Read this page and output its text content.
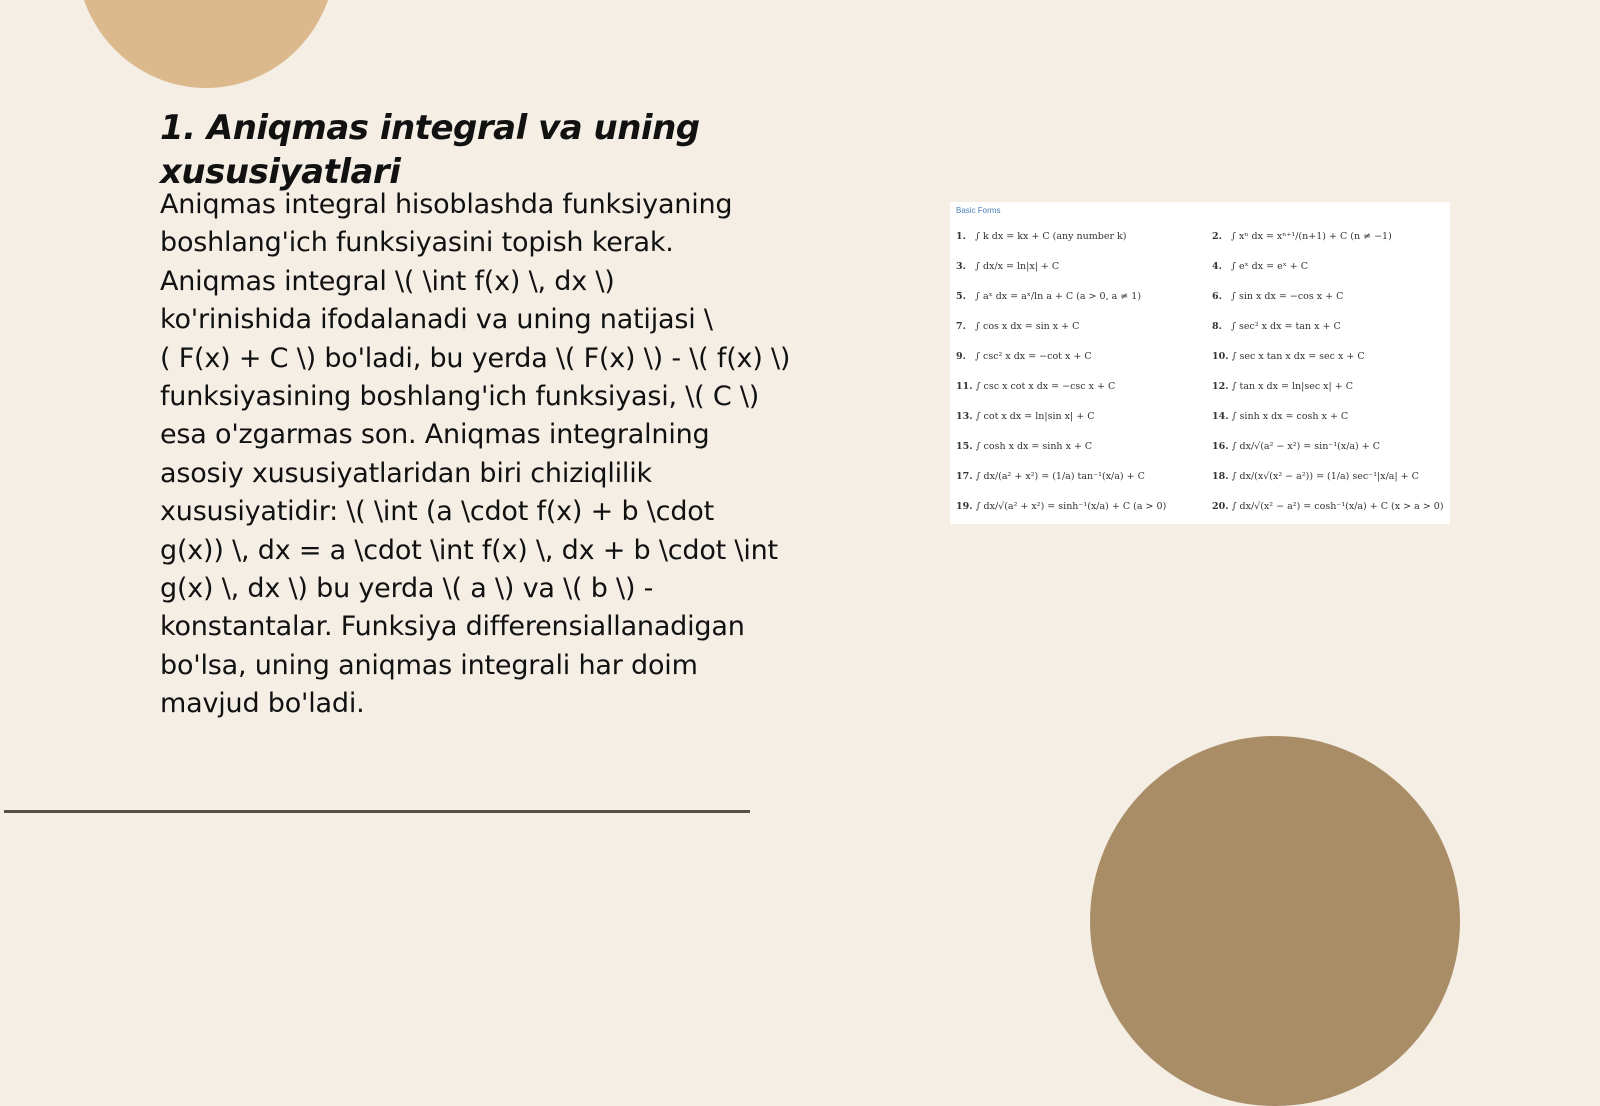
1. Aniqmas integral va uning xususiyatlari

Aniqmas integral hisoblashda funksiyaning
boshlang'ich funksiyasini topish kerak.
Aniqmas integral \( \int f(x) \, dx \)
ko'rinishida ifodalanadi va uning natijasi \
( F(x) + C \) bo'ladi, bu yerda \( F(x) \) - \( f(x) \)
funksiyasining boshlang'ich funksiyasi, \( C \)
esa o'zgarmas son. Aniqmas integralning
asosiy xususiyatlaridan biri chiziqlilik
xususiyatidir: \( \int (a \cdot f(x) + b \cdot
g(x)) \, dx = a \cdot \int f(x) \, dx + b \cdot \int
g(x) \, dx \) bu yerda \( a \) va \( b \) -
konstantalar. Funksiya differensiallanadigan
bo'lsa, uning aniqmas integrali har doim
mavjud bo'ladi.

Basic Forms
1. ∫ k dx = kx + C (any number k)	2. ∫ xⁿ dx = xⁿ⁺¹/(n+1) + C (n ≠ −1)
3. ∫ dx/x = ln|x| + C	4. ∫ eˣ dx = eˣ + C
5. ∫ aˣ dx = aˣ/ln a + C (a > 0, a ≠ 1)	6. ∫ sin x dx = −cos x + C
7. ∫ cos x dx = sin x + C	8. ∫ sec² x dx = tan x + C
9. ∫ csc² x dx = −cot x + C	10. ∫ sec x tan x dx = sec x + C
11. ∫ csc x cot x dx = −csc x + C	12. ∫ tan x dx = ln|sec x| + C
13. ∫ cot x dx = ln|sin x| + C	14. ∫ sinh x dx = cosh x + C
15. ∫ cosh x dx = sinh x + C	16. ∫ dx/√(a² − x²) = sin⁻¹(x/a) + C
17. ∫ dx/(a² + x²) = (1/a) tan⁻¹(x/a) + C	18. ∫ dx/(x√(x² − a²)) = (1/a) sec⁻¹|x/a| + C
19. ∫ dx/√(a² + x²) = sinh⁻¹(x/a) + C (a > 0)	20. ∫ dx/√(x² − a²) = cosh⁻¹(x/a) + C (x > a > 0)
